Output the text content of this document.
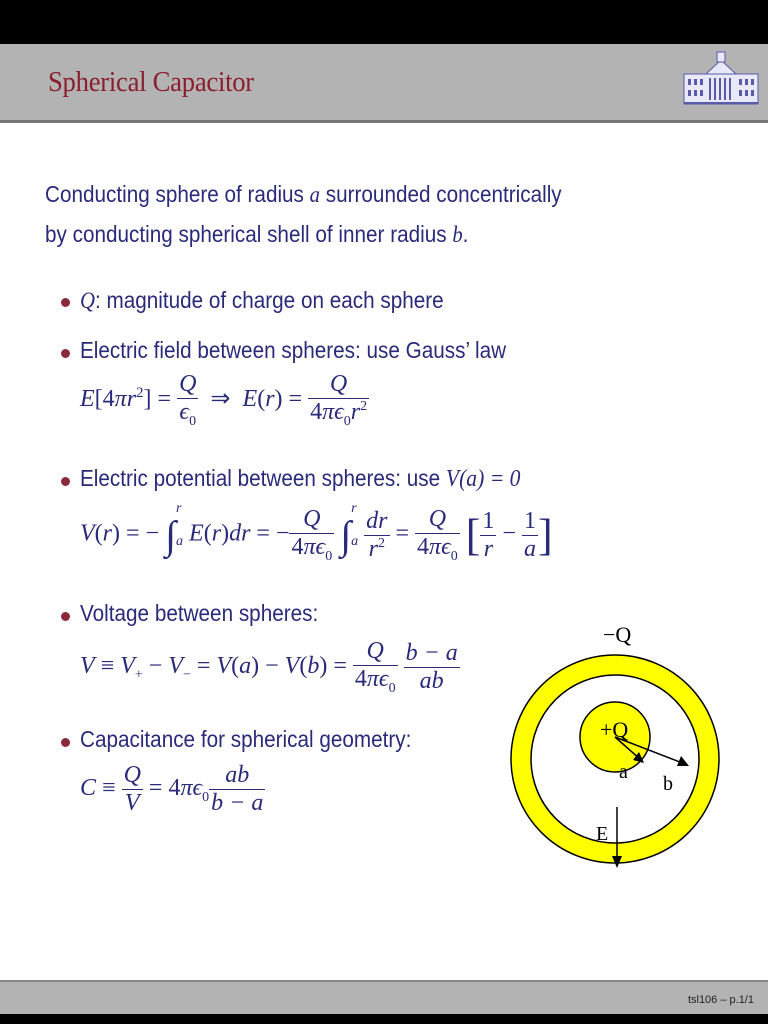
Spherical Capacitor
Conducting sphere of radius a surrounded concentrically
by conducting spherical shell of inner radius b.
Q: magnitude of charge on each sphere
Electric field between spheres: use Gauss’ law
$E[4\pi r^2] = \frac{Q}{\epsilon_0}$ ⇒  $E(r) = \frac{Q}{4\pi\epsilon_0r^2}$
Electric potential between spheres: use V(a) = 0
V(r) = − ∫
r
a E(r)dr = − $\frac{Q}{4\pi\epsilon_0}$ ∫
r
a
$\frac{dr}{r^2} = \frac{Q}{4\pi\epsilon_0}$ [ $\frac{1}{r} - \frac{1}{a}$ ]
Voltage between spheres:
$V \equiv V_+ - V_- = V(a) - V(b) = \frac{Q}{4\pi\epsilon_0}$
$\frac{b - a}{ab}$
Capacitance for spherical geometry:
$C \equiv \frac{Q}{V} = 4\pi\epsilon_0 \frac{ab}{b - a}$
−Q
+Q
b
a
E
tsl106 – p.1/1
